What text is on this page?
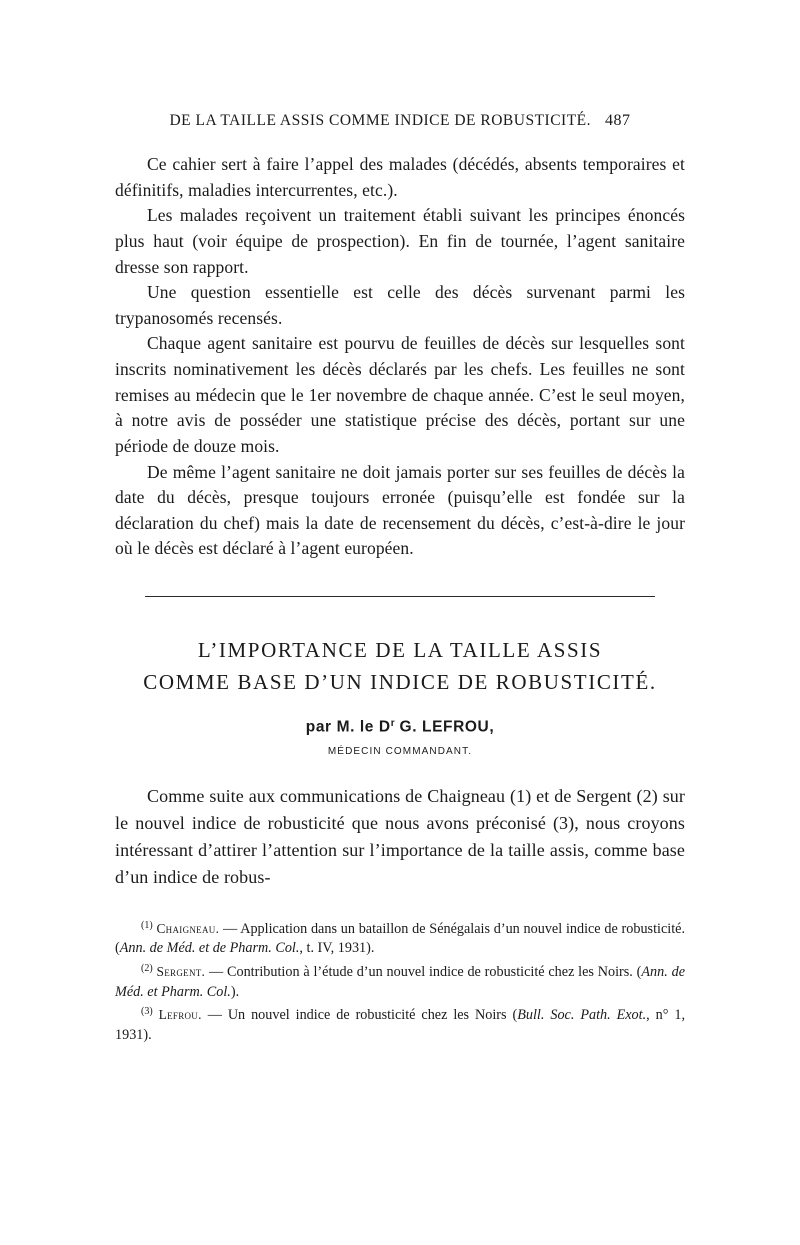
DE LA TAILLE ASSIS COMME INDICE DE ROBUSTICITÉ. 487

Ce cahier sert à faire l’appel des malades (décédés, absents temporaires et définitifs, maladies intercurrentes, etc.).

Les malades reçoivent un traitement établi suivant les principes énoncés plus haut (voir équipe de prospection). En fin de tournée, l’agent sanitaire dresse son rapport.

Une question essentielle est celle des décès survenant parmi les trypanosomés recensés.

Chaque agent sanitaire est pourvu de feuilles de décès sur lesquelles sont inscrits nominativement les décès déclarés par les chefs. Les feuilles ne sont remises au médecin que le 1er novembre de chaque année. C’est le seul moyen, à notre avis de posséder une statistique précise des décès, portant sur une période de douze mois.

De même l’agent sanitaire ne doit jamais porter sur ses feuilles de décès la date du décès, presque toujours erronée (puisqu’elle est fondée sur la déclaration du chef) mais la date de recensement du décès, c’est-à-dire le jour où le décès est déclaré à l’agent européen.

L’IMPORTANCE DE LA TAILLE ASSIS
COMME BASE D’UN INDICE DE ROBUSTICITÉ.
par M. le $D^r$ G. LEFROU,
MÉDECIN COMMANDANT.

Comme suite aux communications de Chaigneau (1) et de Sergent (2) sur le nouvel indice de robusticité que nous avons préconisé (3), nous croyons intéressant d’attirer l’attention sur l’importance de la taille assis, comme base d’un indice de robus-

$^{(1)}$ Chaigneau. — Application dans un bataillon de Sénégalais d’un nouvel indice de robusticité. (Ann. de Méd. et de Pharm. Col., t. IV, 1931).

$^{(2)}$ Sergent. — Contribution à l’étude d’un nouvel indice de robusticité chez les Noirs. (Ann. de Méd. et Pharm. Col.).

$^{(3)}$ Lefrou. — Un nouvel indice de robusticité chez les Noirs (Bull. Soc. Path. Exot., n° 1, 1931).
